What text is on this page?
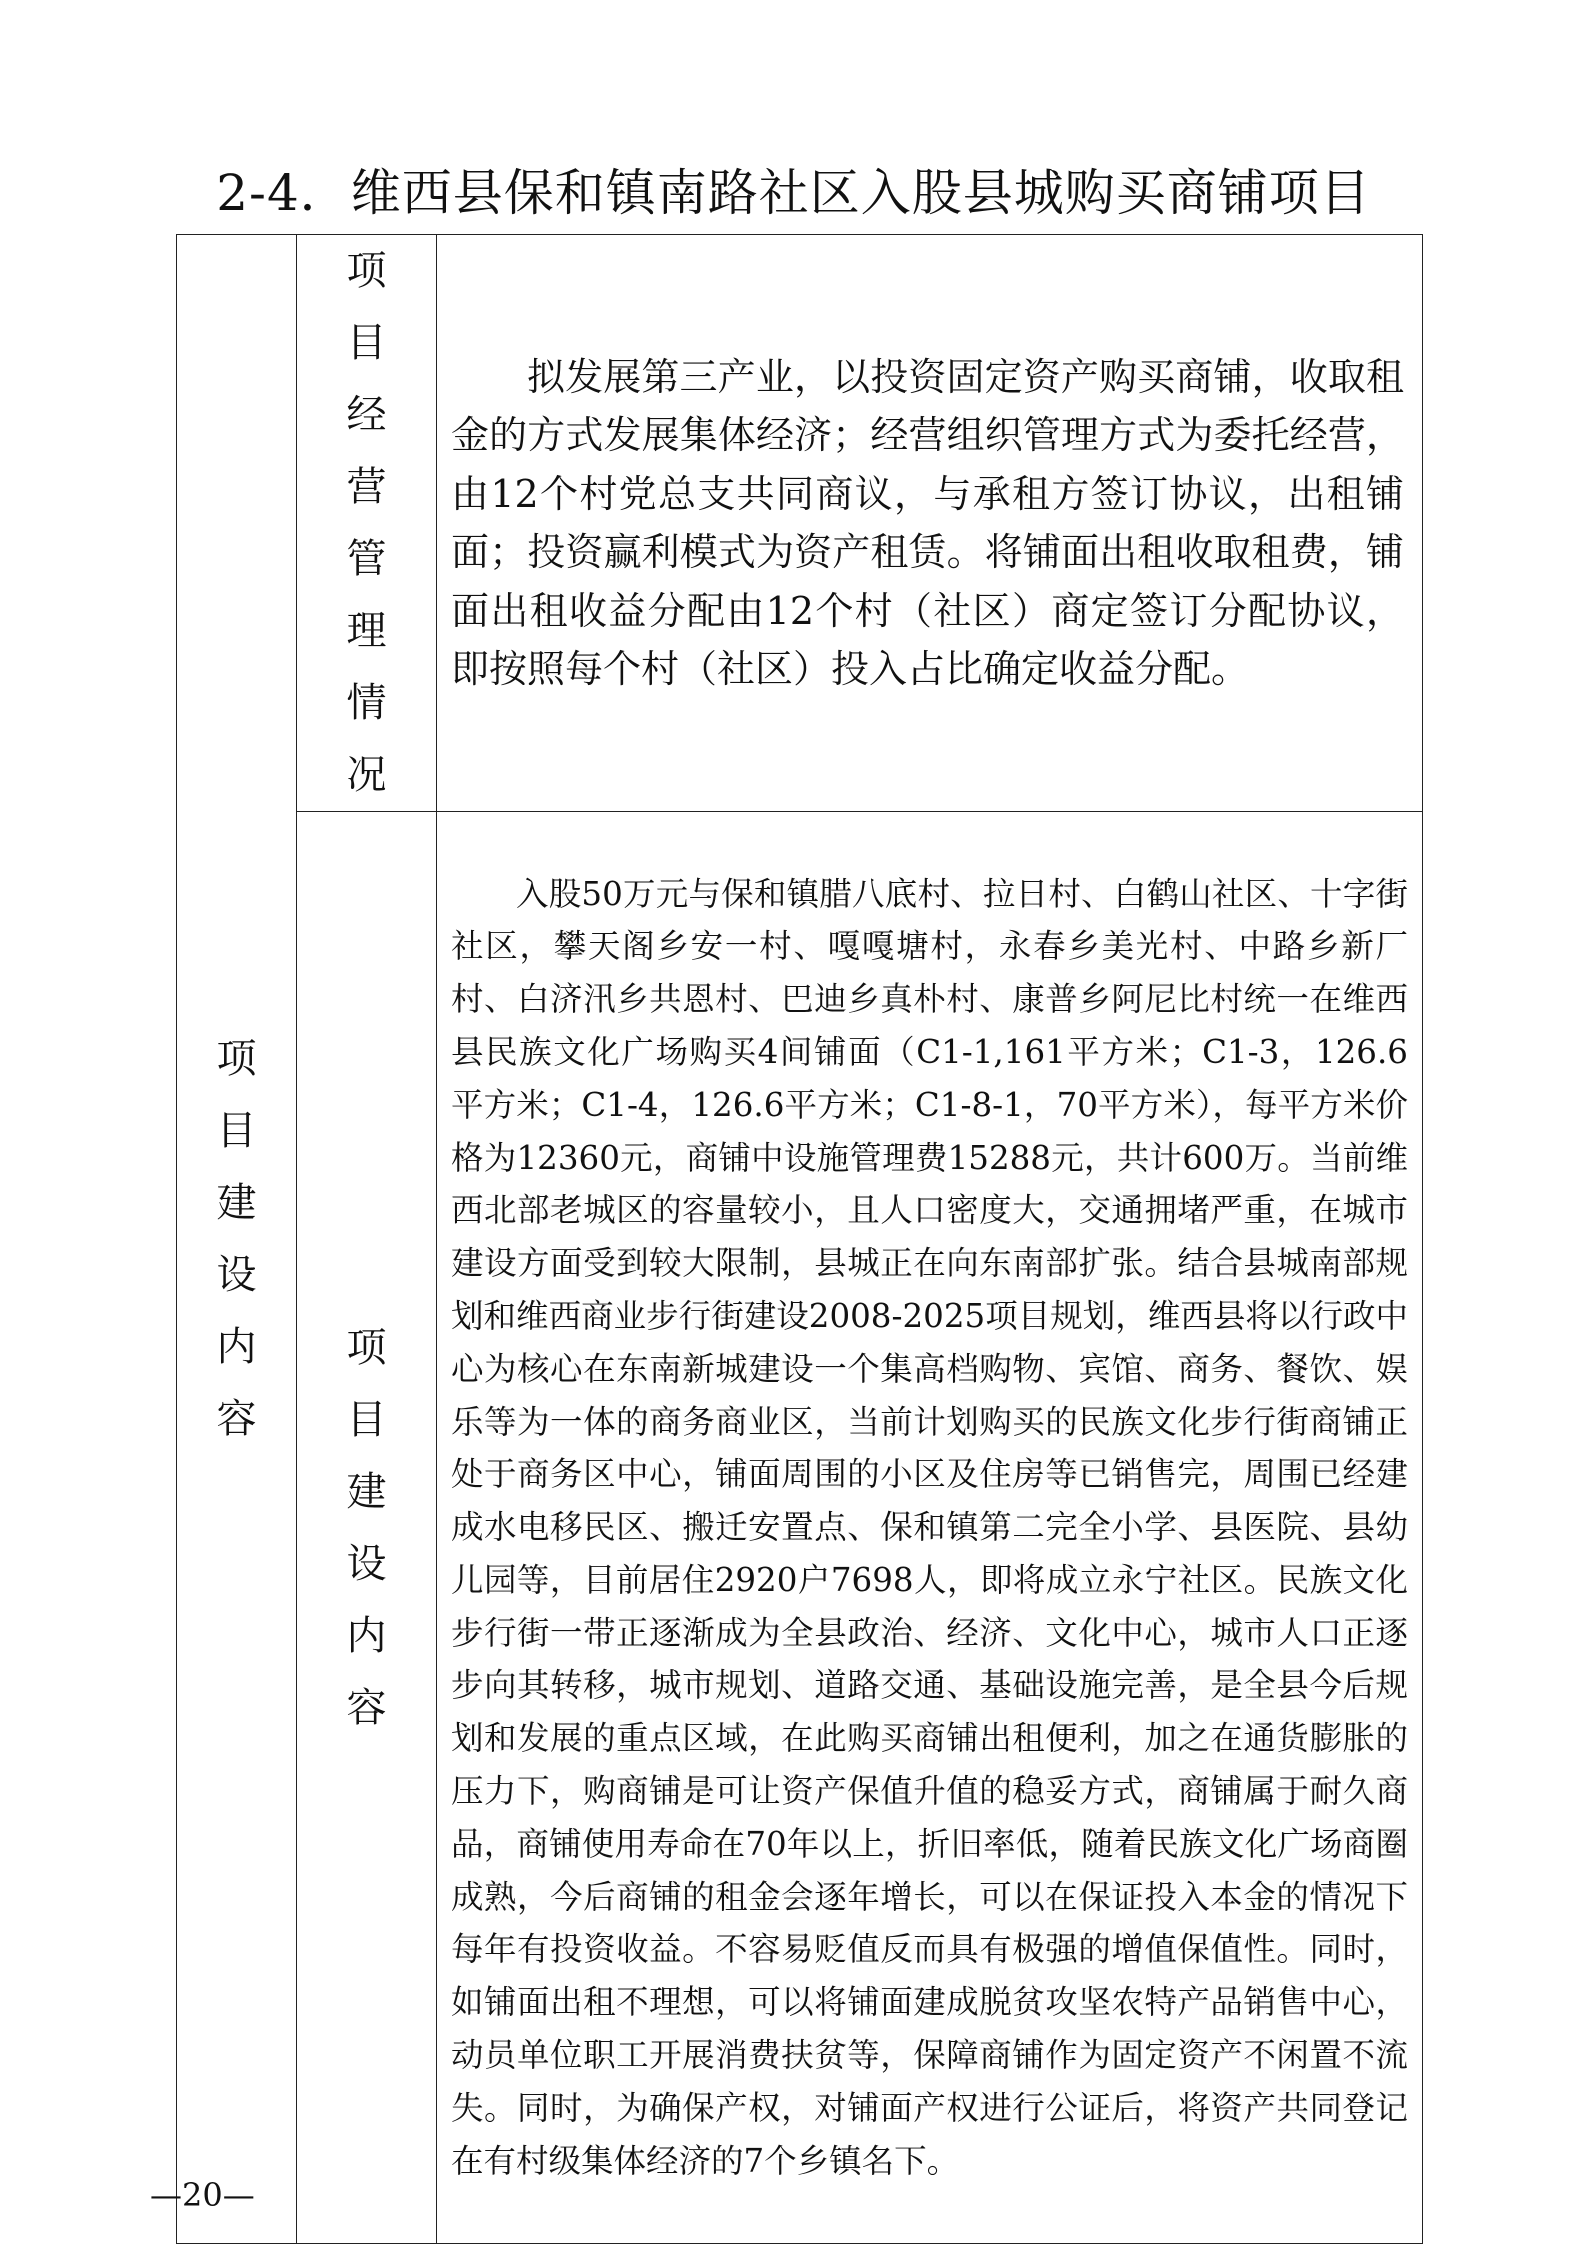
2-4．维西县保和镇南路社区入股县城购买商铺项目
项目建设内容	项目经营管理情况	拟发展第三产业，以投资固定资产购买商铺，收取租金的方式发展集体经济；经营组织管理方式为委托经营，由12个村党总支共同商议，与承租方签订协议，出租铺面；投资赢利模式为资产租赁。将铺面出租收取租费，铺面出租收益分配由12个村（社区）商定签订分配协议，即按照每个村（社区）投入占比确定收益分配。

	项目建设内容	入股50万元与保和镇腊八底村、拉日村、白鹤山社区、十字街社区，攀天阁乡安一村、嘎嘎塘村，永春乡美光村、中路乡新厂村、白济汛乡共恩村、巴迪乡真朴村、康普乡阿尼比村统一在维西县民族文化广场购买4间铺面（C1-1,161平方米；C1-3，126.6平方米；C1-4，126.6平方米；C1-8-1，70平方米），每平方米价格为12360元，商铺中设施管理费15288元，共计600万。当前维西北部老城区的容量较小，且人口密度大，交通拥堵严重，在城市建设方面受到较大限制，县城正在向东南部扩张。结合县城南部规划和维西商业步行街建设2008-2025项目规划，维西县将以行政中心为核心在东南新城建设一个集高档购物、宾馆、商务、餐饮、娱乐等为一体的商务商业区，当前计划购买的民族文化步行街商铺正处于商务区中心，铺面周围的小区及住房等已销售完，周围已经建成水电移民区、搬迁安置点、保和镇第二完全小学、县医院、县幼儿园等，目前居住2920户7698人，即将成立永宁社区。民族文化步行街一带正逐渐成为全县政治、经济、文化中心，城市人口正逐步向其转移，城市规划、道路交通、基础设施完善，是全县今后规划和发展的重点区域，在此购买商铺出租便利，加之在通货膨胀的压力下，购商铺是可让资产保值升值的稳妥方式，商铺属于耐久商品，商铺使用寿命在70年以上，折旧率低，随着民族文化广场商圈成熟，今后商铺的租金会逐年增长，可以在保证投入本金的情况下每年有投资收益。不容易贬值反而具有极强的增值保值性。同时，如铺面出租不理想，可以将铺面建成脱贫攻坚农特产品销售中心，动员单位职工开展消费扶贫等，保障商铺作为固定资产不闲置不流失。同时，为确保产权，对铺面产权进行公证后，将资产共同登记在有村级集体经济的7个乡镇名下。

—20—
